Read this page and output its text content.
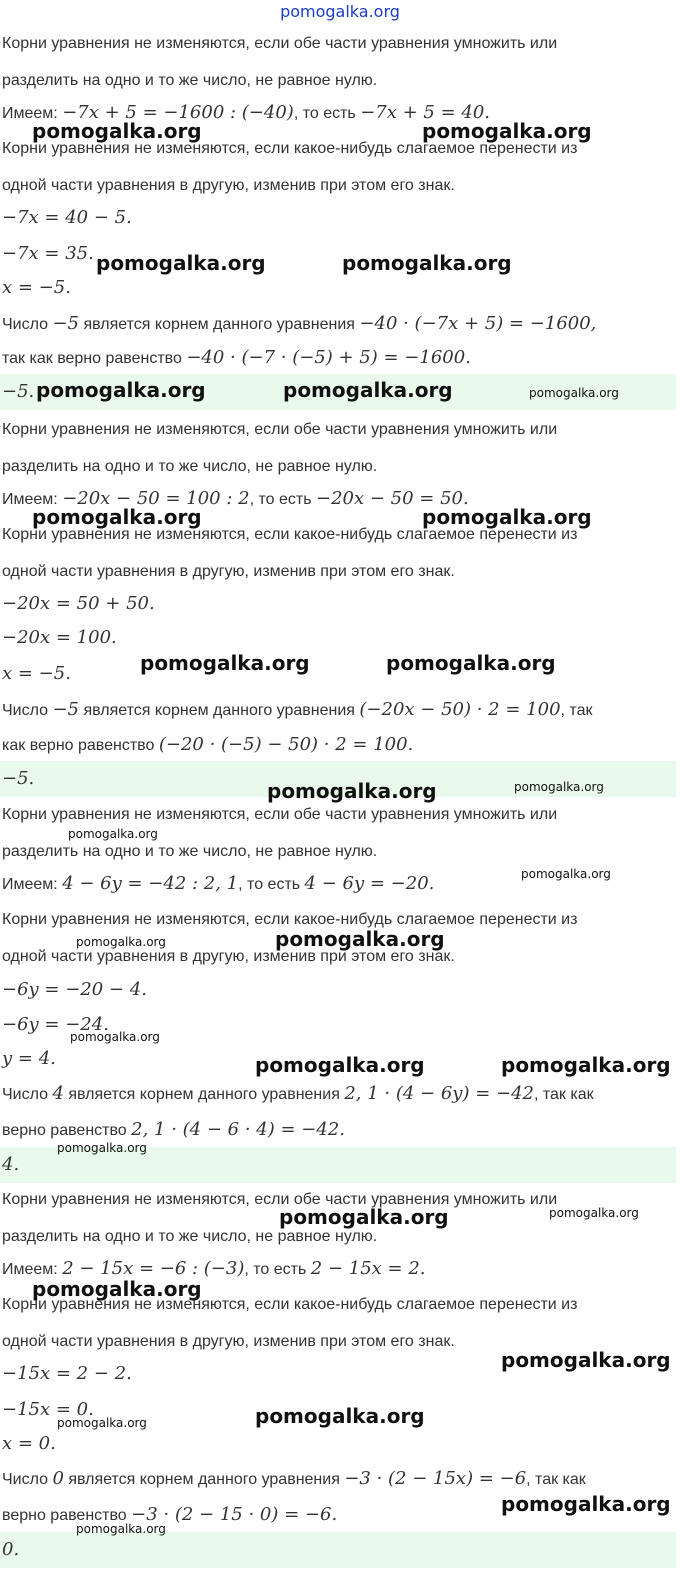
pomogalka.org
Корни уравнения не изменяются, если обе части уравнения умножить или
разделить на одно и то же число, не равное нулю.
Имеем: −7x + 5 = −1600 : (−40), то есть −7x + 5 = 40.
Корни уравнения не изменяются, если какое-нибудь слагаемое перенести из
одной части уравнения в другую, изменив при этом его знак.
−7x = 40 − 5.
−7x = 35.
x = −5.
Число −5 является корнем данного уравнения −40 · (−7x + 5) = −1600,
так как верно равенство −40 · (−7 · (−5) + 5) = −1600.
−5.
Корни уравнения не изменяются, если обе части уравнения умножить или
разделить на одно и то же число, не равное нулю.
Имеем: −20x − 50 = 100 : 2, то есть −20x − 50 = 50.
Корни уравнения не изменяются, если какое-нибудь слагаемое перенести из
одной части уравнения в другую, изменив при этом его знак.
−20x = 50 + 50.
−20x = 100.
x = −5.
Число −5 является корнем данного уравнения (−20x − 50) · 2 = 100, так
как верно равенство (−20 · (−5) − 50) · 2 = 100.
−5.
Корни уравнения не изменяются, если обе части уравнения умножить или
разделить на одно и то же число, не равное нулю.
Имеем: 4 − 6y = −42 : 2, 1, то есть 4 − 6y = −20.
Корни уравнения не изменяются, если какое-нибудь слагаемое перенести из
одной части уравнения в другую, изменив при этом его знак.
−6y = −20 − 4.
−6y = −24.
y = 4.
Число 4 является корнем данного уравнения 2, 1 · (4 − 6y) = −42, так как
верно равенство 2, 1 · (4 − 6 · 4) = −42.
4.
Корни уравнения не изменяются, если обе части уравнения умножить или
разделить на одно и то же число, не равное нулю.
Имеем: 2 − 15x = −6 : (−3), то есть 2 − 15x = 2.
Корни уравнения не изменяются, если какое-нибудь слагаемое перенести из
одной части уравнения в другую, изменив при этом его знак.
−15x = 2 − 2.
−15x = 0.
x = 0.
Число 0 является корнем данного уравнения −3 · (2 − 15x) = −6, так как
верно равенство −3 · (2 − 15 · 0) = −6.
0.
pomogalka.org	pomogalka.org
pomogalka.org	pomogalka.org
pomogalka.org	pomogalka.org	pomogalka.org
pomogalka.org	pomogalka.org
pomogalka.org	pomogalka.org
pomogalka.org	pomogalka.org
pomogalka.org
pomogalka.org
pomogalka.org
pomogalka.org
pomogalka.org
pomogalka.org	pomogalka.org
pomogalka.org
pomogalka.org	pomogalka.org
pomogalka.org
pomogalka.org
pomogalka.org
pomogalka.org
pomogalka.org
pomogalka.org
